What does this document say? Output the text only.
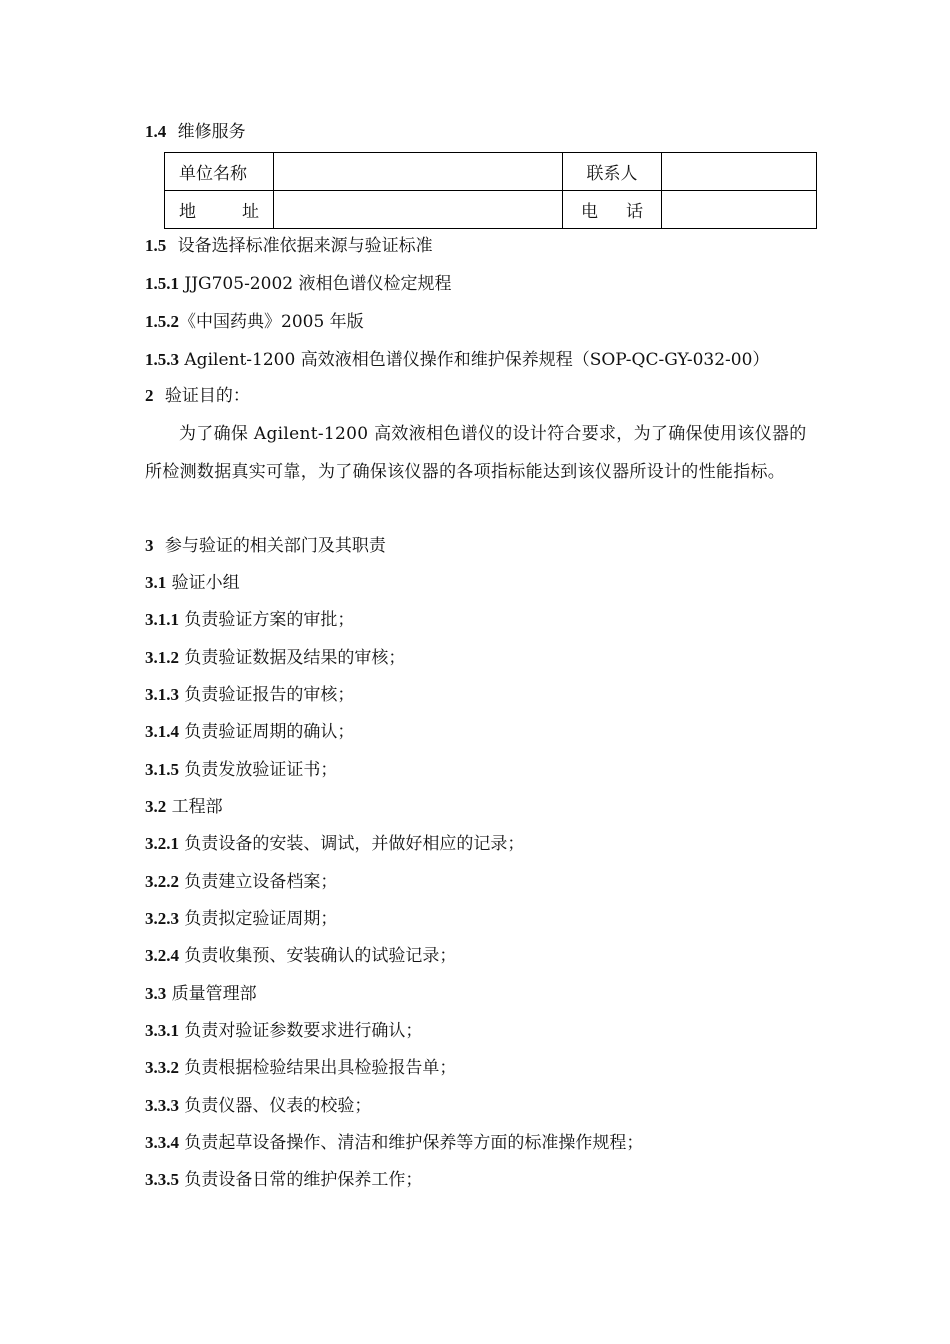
1.4 维修服务
单位名称		联系人	

地 址		电 话	

1.5 设备选择标准依据来源与验证标准
1.5.1 JJG705-2002 液相色谱仪检定规程
1.5.2《中国药典》2005 年版
1.5.3 Agilent-1200 高效液相色谱仪操作和维护保养规程（SOP-QC-GY-032-00）
2 验证目的：
为了确保 Agilent-1200 高效液相色谱仪的设计符合要求，为了确保使用该仪器的所检测数据真实可靠，为了确保该仪器的各项指标能达到该仪器所设计的性能指标。
3 参与验证的相关部门及其职责
3.1 验证小组
3.1.1 负责验证方案的审批；
3.1.2 负责验证数据及结果的审核；
3.1.3 负责验证报告的审核；
3.1.4 负责验证周期的确认；
3.1.5 负责发放验证证书；
3.2 工程部
3.2.1 负责设备的安装、调试，并做好相应的记录；
3.2.2 负责建立设备档案；
3.2.3 负责拟定验证周期；
3.2.4 负责收集预、安装确认的试验记录；
3.3 质量管理部
3.3.1 负责对验证参数要求进行确认；
3.3.2 负责根据检验结果出具检验报告单；
3.3.3 负责仪器、仪表的校验；
3.3.4 负责起草设备操作、清洁和维护保养等方面的标准操作规程；
3.3.5 负责设备日常的维护保养工作；
